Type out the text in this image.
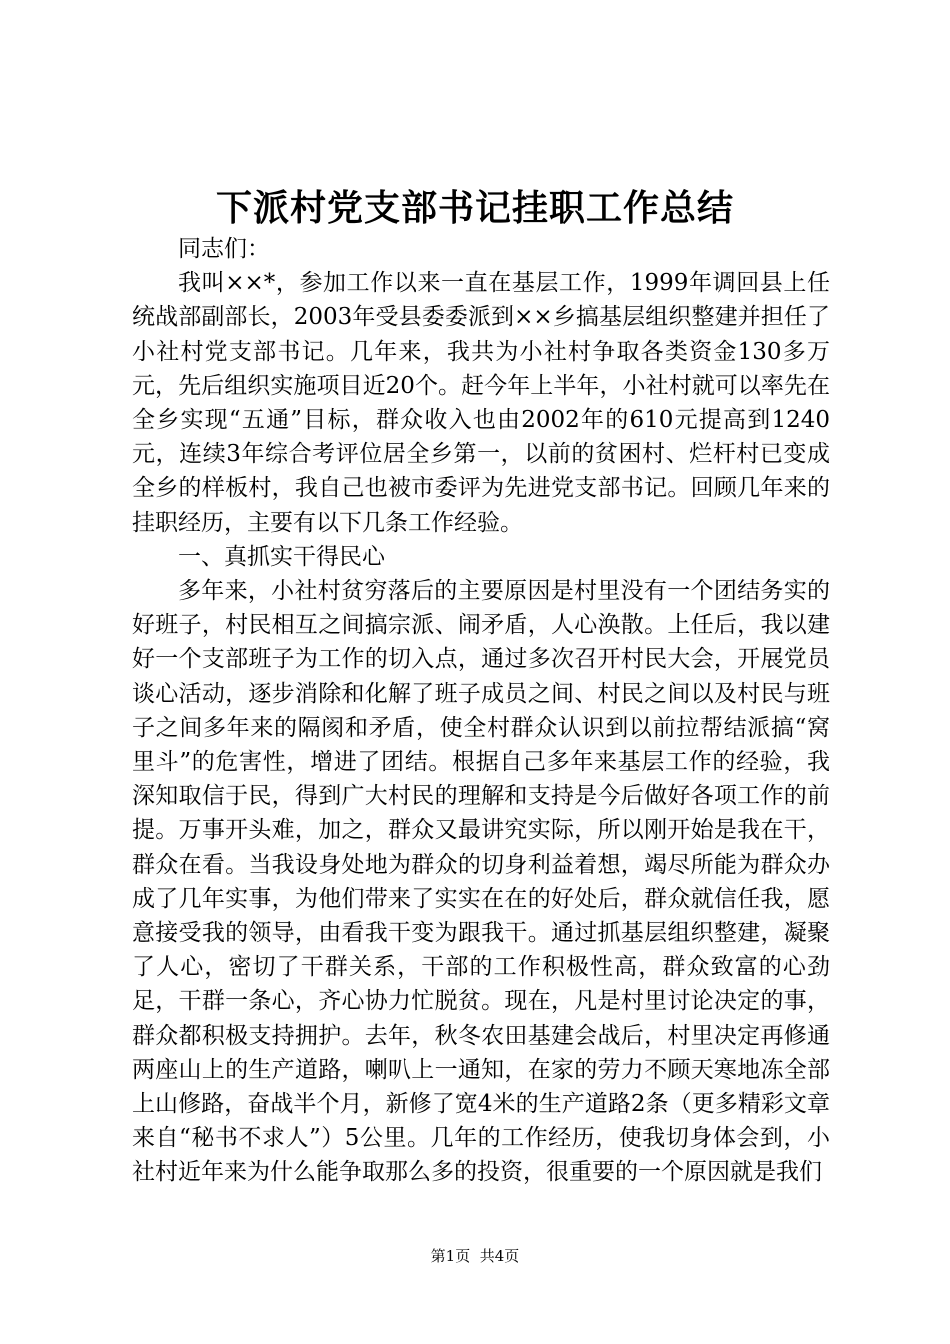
下派村党支部书记挂职工作总结

同志们：

我叫××*，参加工作以来一直在基层工作，1999年调回县上任统战部副部长，2003年受县委委派到××乡搞基层组织整建并担任了小社村党支部书记。几年来，我共为小社村争取各类资金130多万元，先后组织实施项目近20个。赶今年上半年，小社村就可以率先在全乡实现“五通”目标，群众收入也由2002年的610元提高到1240元，连续3年综合考评位居全乡第一，以前的贫困村、烂杆村已变成全乡的样板村，我自己也被市委评为先进党支部书记。回顾几年来的挂职经历，主要有以下几条工作经验。

一、真抓实干得民心

多年来，小社村贫穷落后的主要原因是村里没有一个团结务实的好班子，村民相互之间搞宗派、闹矛盾，人心涣散。上任后，我以建好一个支部班子为工作的切入点，通过多次召开村民大会，开展党员谈心活动，逐步消除和化解了班子成员之间、村民之间以及村民与班子之间多年来的隔阂和矛盾，使全村群众认识到以前拉帮结派搞“窝里斗”的危害性，增进了团结。根据自己多年来基层工作的经验，我深知取信于民，得到广大村民的理解和支持是今后做好各项工作的前提。万事开头难，加之，群众又最讲究实际，所以刚开始是我在干，群众在看。当我设身处地为群众的切身利益着想，竭尽所能为群众办成了几年实事，为他们带来了实实在在的好处后，群众就信任我，愿意接受我的领导，由看我干变为跟我干。通过抓基层组织整建，凝聚了人心，密切了干群关系，干部的工作积极性高，群众致富的心劲足，干群一条心，齐心协力忙脱贫。现在，凡是村里讨论决定的事，群众都积极支持拥护。去年，秋冬农田基建会战后，村里决定再修通两座山上的生产道路，喇叭上一通知，在家的劳力不顾天寒地冻全部上山修路，奋战半个月，新修了宽4米的生产道路2条（更多精彩文章来自“秘书不求人”）5公里。几年的工作经历，使我切身体会到，小社村近年来为什么能争取那么多的投资，很重要的一个原因就是我们

第1页 共4页
